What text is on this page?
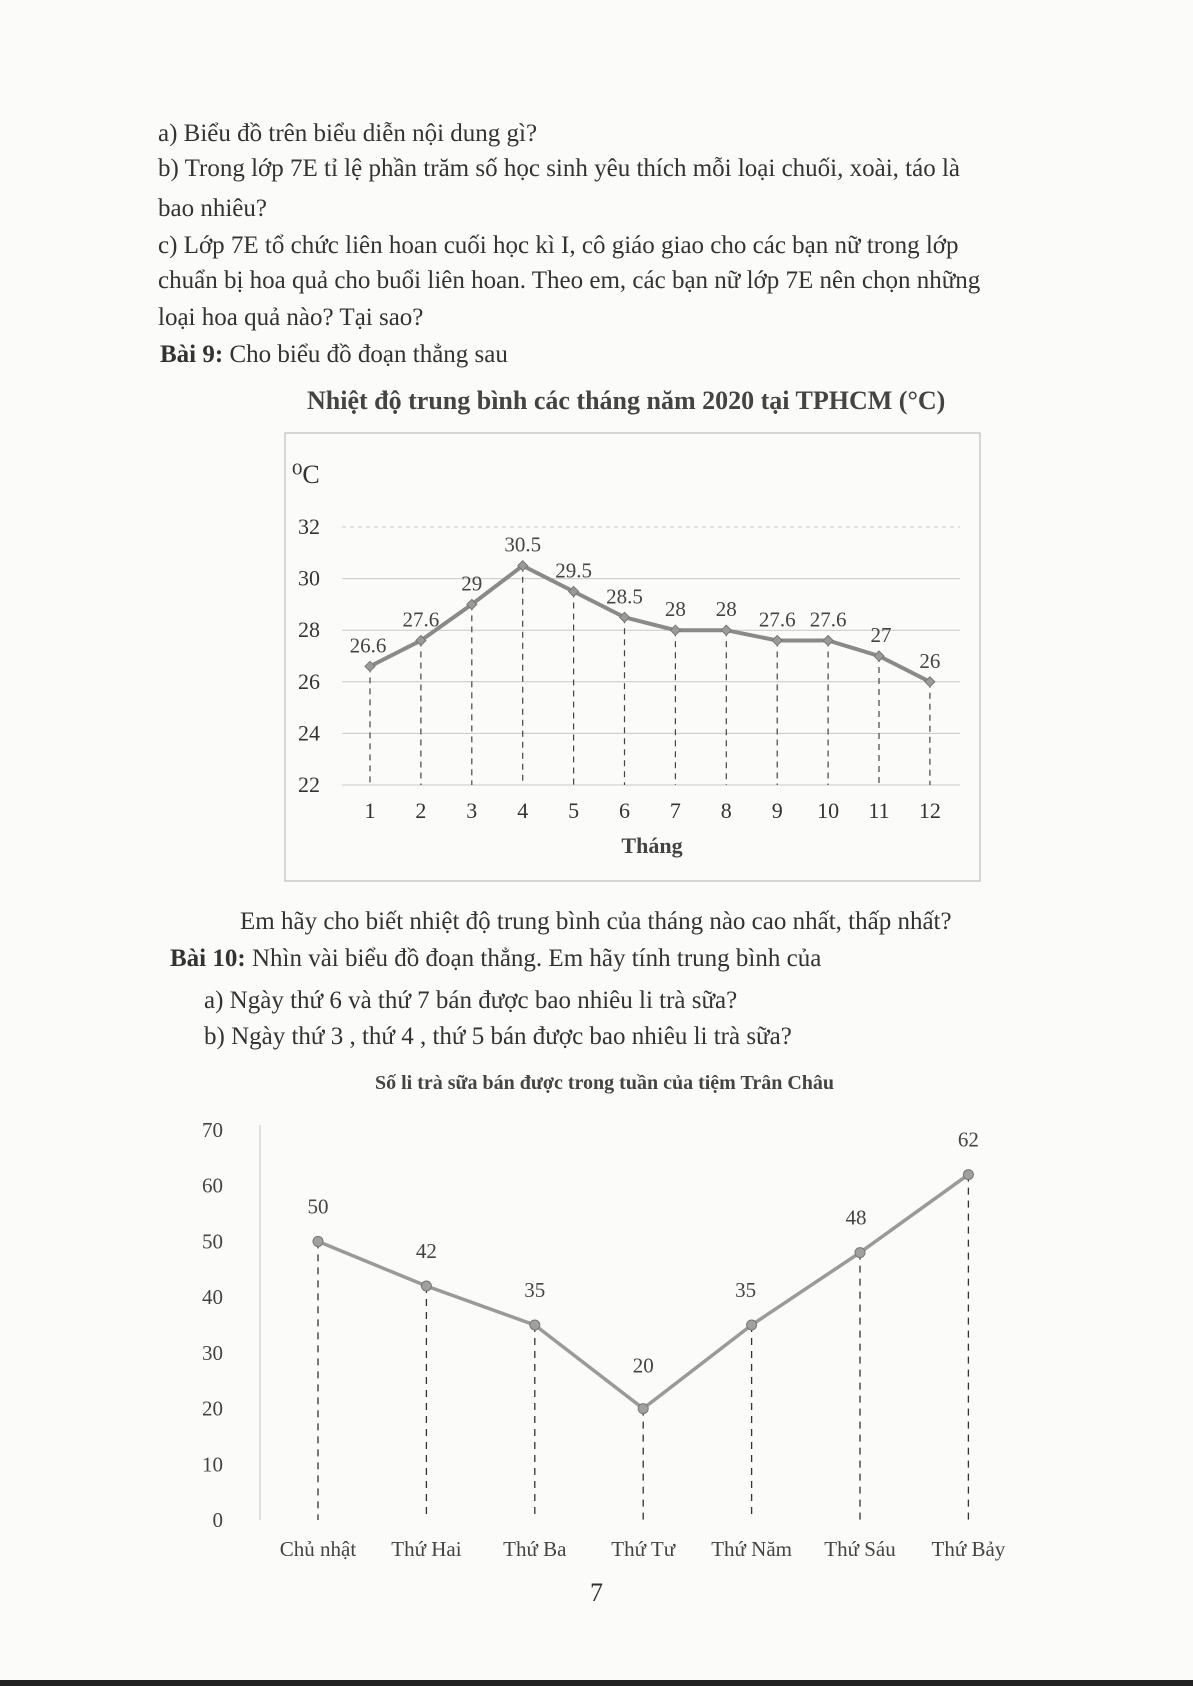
a) Biểu đồ trên biểu diễn nội dung gì?
b) Trong lớp 7E tỉ lệ phần trăm số học sinh yêu thích mỗi loại chuối, xoài, táo là
bao nhiêu?
c) Lớp 7E tổ chức liên hoan cuối học kì I, cô giáo giao cho các bạn nữ trong lớp
chuẩn bị hoa quả cho buổi liên hoan. Theo em, các bạn nữ lớp 7E nên chọn những
loại hoa quả nào? Tại sao?
Bài 9: Cho biểu đồ đoạn thẳng sau
Nhiệt độ trung bình các tháng năm 2020 tại TPHCM (°C)
⁰C
32
30
28
26
24
22
1 2 3 4 5 6 7 8 9 10 11 12
26.6
27.6
29
30.5
29.5
28.5
28 28 27.6 27.6
27
26
Tháng
Em hãy cho biết nhiệt độ trung bình của tháng nào cao nhất, thấp nhất?
Bài 10: Nhìn vài biểu đồ đoạn thẳng. Em hãy tính trung bình của
a) Ngày thứ 6 và thứ 7 bán được bao nhiêu li trà sữa?
b) Ngày thứ 3 , thứ 4 , thứ 5 bán được bao nhiêu li trà sữa?
Số li trà sữa bán được trong tuần của tiệm Trân Châu
70
60
50
40
30
20
10
0
Chủ nhật Thứ Hai Thứ Ba Thứ Tư Thứ Năm Thứ Sáu Thứ Bảy
50
42
35
20
35
48
62
7
